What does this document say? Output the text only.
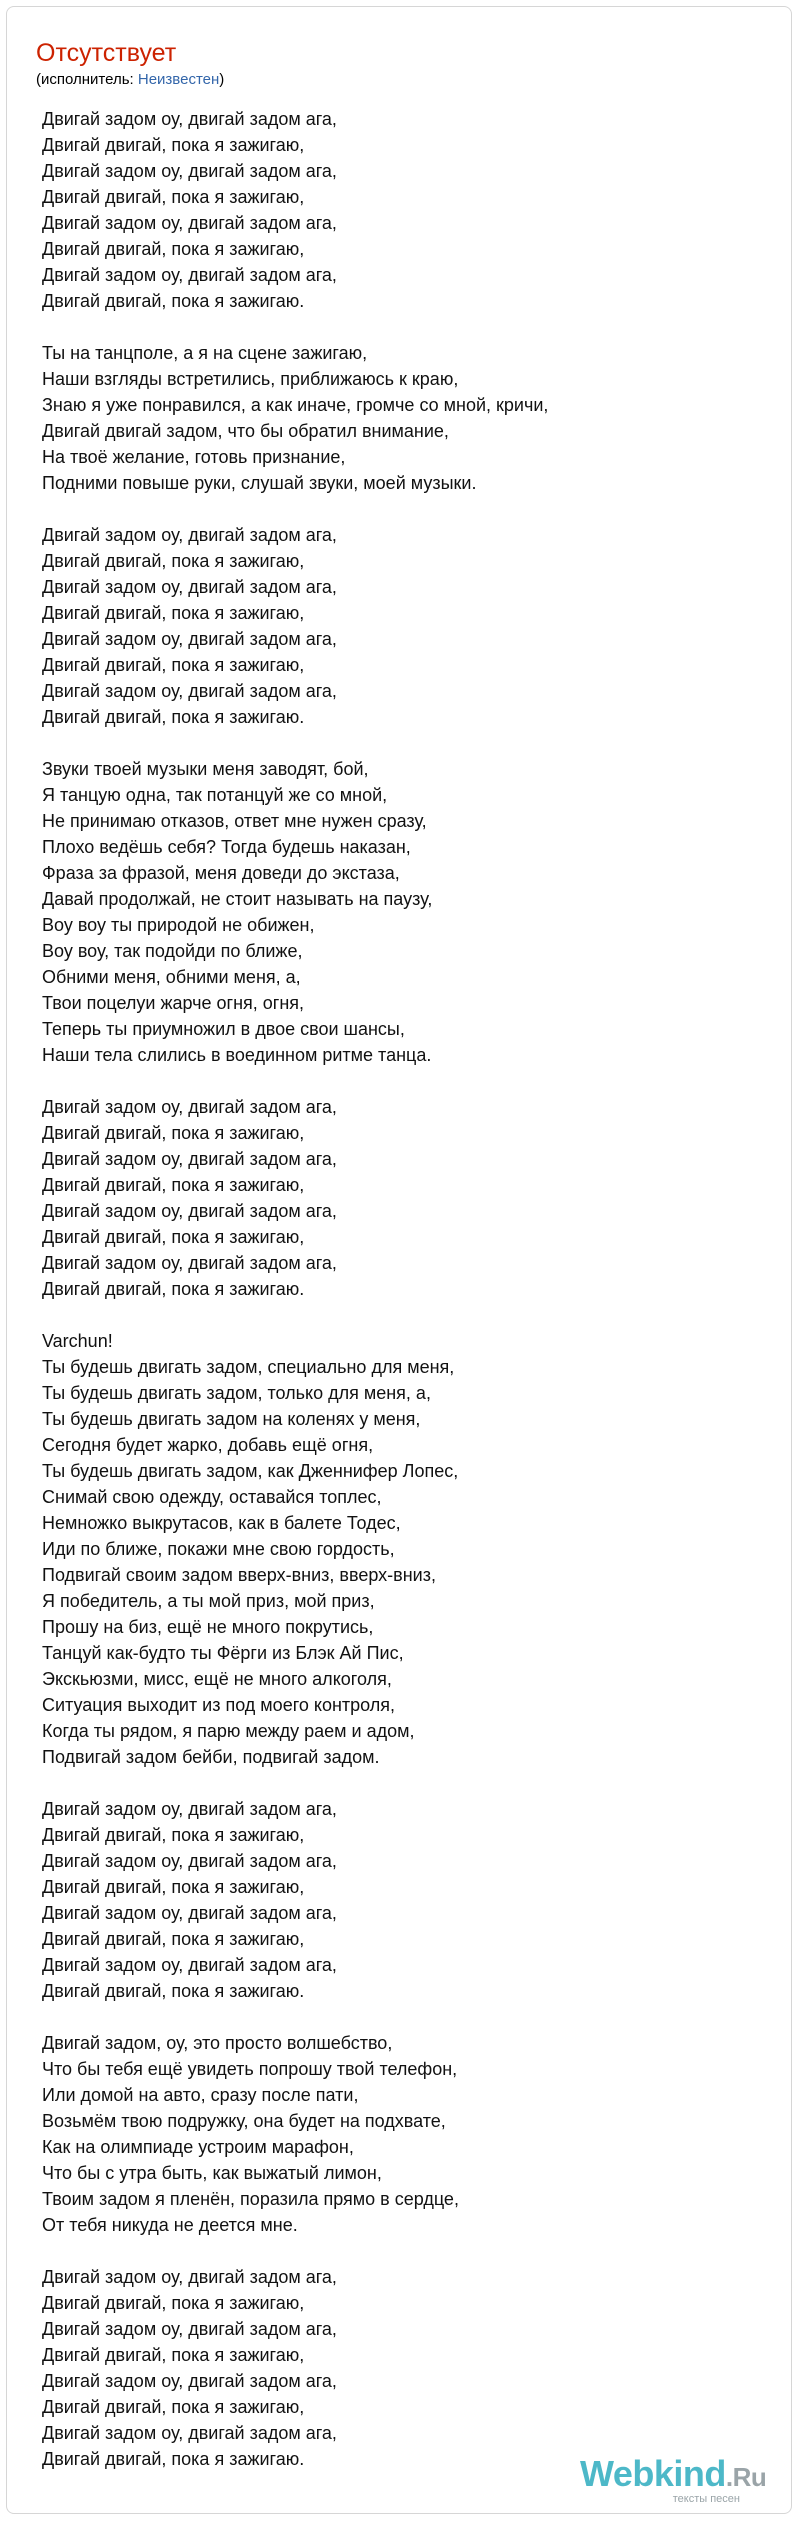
Отсутствует
(исполнитель: Неизвестен)
Двигай задом оу, двигай задом ага,
Двигай двигай, пока я зажигаю,
Двигай задом оу, двигай задом ага,
Двигай двигай, пока я зажигаю,
Двигай задом оу, двигай задом ага,
Двигай двигай, пока я зажигаю,
Двигай задом оу, двигай задом ага,
Двигай двигай, пока я зажигаю.
Ты на танцполе, а я на сцене зажигаю,
Наши взгляды встретились, приближаюсь к краю,
Знаю я уже понравился, а как иначе, громче со мной, кричи,
Двигай двигай задом, что бы обратил внимание,
На твоё желание, готовь признание,
Подними повыше руки, слушай звуки, моей музыки.
Двигай задом оу, двигай задом ага,
Двигай двигай, пока я зажигаю,
Двигай задом оу, двигай задом ага,
Двигай двигай, пока я зажигаю,
Двигай задом оу, двигай задом ага,
Двигай двигай, пока я зажигаю,
Двигай задом оу, двигай задом ага,
Двигай двигай, пока я зажигаю.
Звуки твоей музыки меня заводят, бой,
Я танцую одна, так потанцуй же со мной,
Не принимаю отказов, ответ мне нужен сразу,
Плохо ведёшь себя? Тогда будешь наказан,
Фраза за фразой, меня доведи до экстаза,
Давай продолжай, не стоит называть на паузу,
Воу воу ты природой не обижен,
Воу воу, так подойди по ближе,
Обними меня, обними меня, а,
Твои поцелуи жарче огня, огня,
Теперь ты приумножил в двое свои шансы,
Наши тела слились в воединном ритме танца.
Двигай задом оу, двигай задом ага,
Двигай двигай, пока я зажигаю,
Двигай задом оу, двигай задом ага,
Двигай двигай, пока я зажигаю,
Двигай задом оу, двигай задом ага,
Двигай двигай, пока я зажигаю,
Двигай задом оу, двигай задом ага,
Двигай двигай, пока я зажигаю.
Varchun!
Ты будешь двигать задом, специально для меня,
Ты будешь двигать задом, только для меня, а,
Ты будешь двигать задом на коленях у меня,
Сегодня будет жарко, добавь ещё огня,
Ты будешь двигать задом, как Дженнифер Лопес,
Снимай свою одежду, оставайся топлес,
Немножко выкрутасов, как в балете Тодес,
Иди по ближе, покажи мне свою гордость,
Подвигай своим задом вверх-вниз, вверх-вниз,
Я победитель, а ты мой приз, мой приз,
Прошу на биз, ещё не много покрутись,
Танцуй как-будто ты Фёрги из Блэк Ай Пис,
Экскьюзми, мисс, ещё не много алкоголя,
Ситуация выходит из под моего контроля,
Когда ты рядом, я парю между раем и адом,
Подвигай задом бейби, подвигай задом.
Двигай задом оу, двигай задом ага,
Двигай двигай, пока я зажигаю,
Двигай задом оу, двигай задом ага,
Двигай двигай, пока я зажигаю,
Двигай задом оу, двигай задом ага,
Двигай двигай, пока я зажигаю,
Двигай задом оу, двигай задом ага,
Двигай двигай, пока я зажигаю.
Двигай задом, оу, это просто волшебство,
Что бы тебя ещё увидеть попрошу твой телефон,
Или домой на авто, сразу после пати,
Возьмём твою подружку, она будет на подхвате,
Как на олимпиаде устроим марафон,
Что бы с утра быть, как выжатый лимон,
Твоим задом я пленён, поразила прямо в сердце,
От тебя никуда не деется мне.
Двигай задом оу, двигай задом ага,
Двигай двигай, пока я зажигаю,
Двигай задом оу, двигай задом ага,
Двигай двигай, пока я зажигаю,
Двигай задом оу, двигай задом ага,
Двигай двигай, пока я зажигаю,
Двигай задом оу, двигай задом ага,
Двигай двигай, пока я зажигаю.	Webkind.Ru
тексты песен
